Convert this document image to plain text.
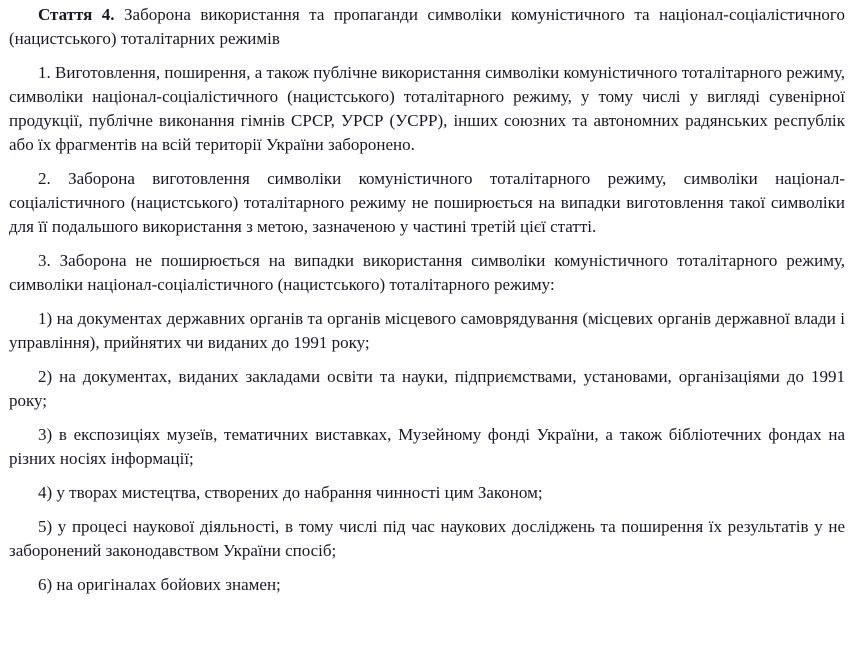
Стаття 4. Заборона використання та пропаганди символіки комуністичного та націонал-соціалістичного (нацистського) тоталітарних режимів

1. Виготовлення, поширення, а також публічне використання символіки комуністичного тоталітарного режиму, символіки націонал-соціалістичного (нацистського) тоталітарного режиму, у тому числі у вигляді сувенірної продукції, публічне виконання гімнів СРСР, УРСР (УСРР), інших союзних та автономних радянських республік або їх фрагментів на всій території України заборонено.

2. Заборона виготовлення символіки комуністичного тоталітарного режиму, символіки націонал-соціалістичного (нацистського) тоталітарного режиму не поширюється на випадки виготовлення такої символіки для її подальшого використання з метою, зазначеною у частині третій цієї статті.

3. Заборона не поширюється на випадки використання символіки комуністичного тоталітарного режиму, символіки націонал-соціалістичного (нацистського) тоталітарного режиму:

1) на документах державних органів та органів місцевого самоврядування (місцевих органів державної влади і управління), прийнятих чи виданих до 1991 року;

2) на документах, виданих закладами освіти та науки, підприємствами, установами, організаціями до 1991 року;

3) в експозиціях музеїв, тематичних виставках, Музейному фонді України, а також бібліотечних фондах на різних носіях інформації;

4) у творах мистецтва, створених до набрання чинності цим Законом;

5) у процесі наукової діяльності, в тому числі під час наукових досліджень та поширення їх результатів у не заборонений законодавством України спосіб;

6) на оригіналах бойових знамен;
